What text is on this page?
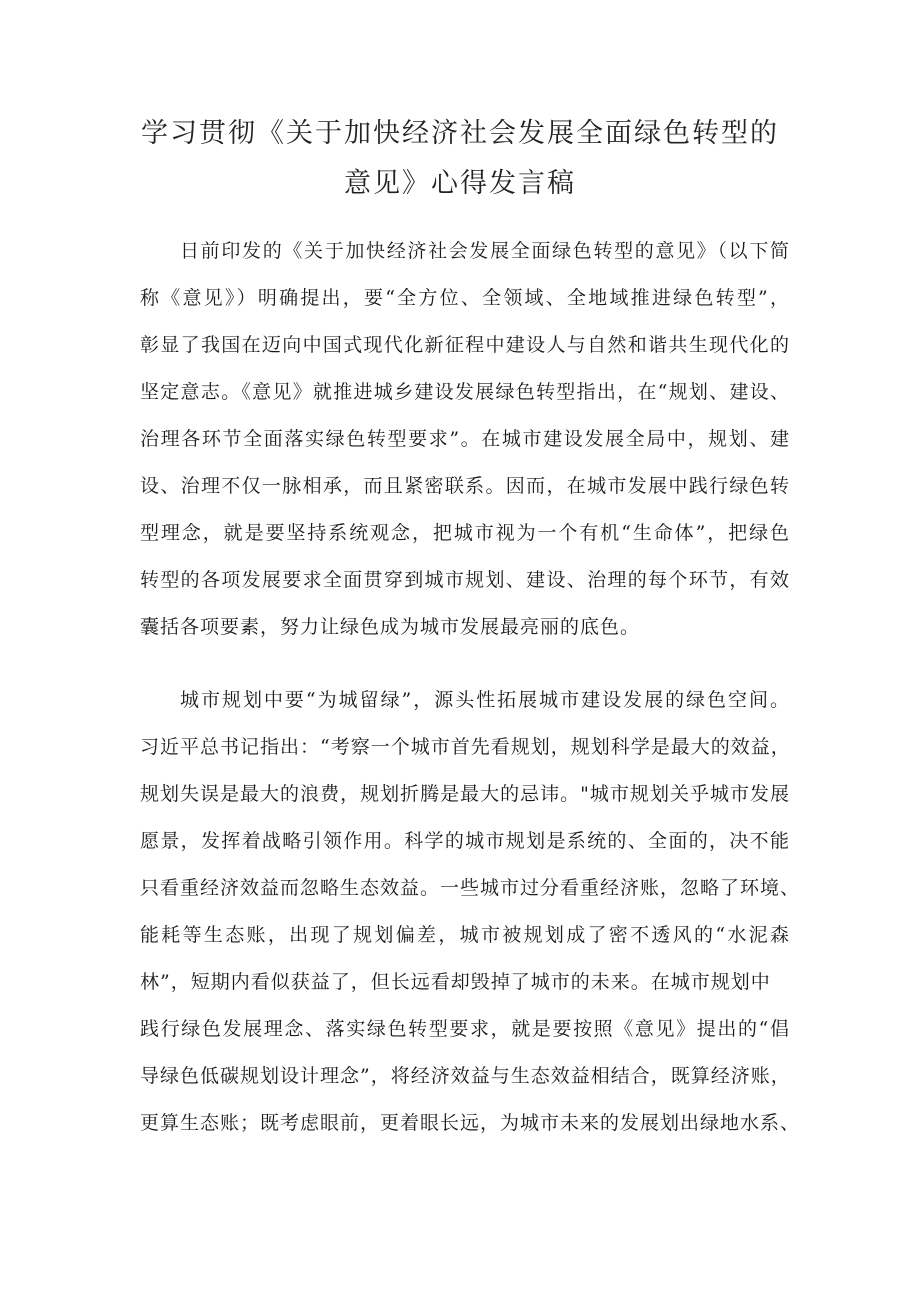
学习贯彻《关于加快经济社会发展全面绿色转型的
意见》心得发言稿
日前印发的《关于加快经济社会发展全面绿色转型的意见》（以下简
称《意见》）明确提出，要“全方位、全领域、全地域推进绿色转型”，
彰显了我国在迈向中国式现代化新征程中建设人与自然和谐共生现代化的
坚定意志。《意见》就推进城乡建设发展绿色转型指出，在“规划、建设、
治理各环节全面落实绿色转型要求”。在城市建设发展全局中，规划、建
设、治理不仅一脉相承，而且紧密联系。因而，在城市发展中践行绿色转
型理念，就是要坚持系统观念，把城市视为一个有机“生命体”，把绿色
转型的各项发展要求全面贯穿到城市规划、建设、治理的每个环节，有效
囊括各项要素，努力让绿色成为城市发展最亮丽的底色。
城市规划中要“为城留绿”，源头性拓展城市建设发展的绿色空间。
习近平总书记指出：“考察一个城市首先看规划，规划科学是最大的效益，
规划失误是最大的浪费，规划折腾是最大的忌讳。"城市规划关乎城市发展
愿景，发挥着战略引领作用。科学的城市规划是系统的、全面的，决不能
只看重经济效益而忽略生态效益。一些城市过分看重经济账，忽略了环境、
能耗等生态账，出现了规划偏差，城市被规划成了密不透风的“水泥森
林”，短期内看似获益了，但长远看却毁掉了城市的未来。在城市规划中
践行绿色发展理念、落实绿色转型要求，就是要按照《意见》提出的“倡
导绿色低碳规划设计理念”，将经济效益与生态效益相结合，既算经济账，
更算生态账；既考虑眼前，更着眼长远，为城市未来的发展划出绿地水系、
